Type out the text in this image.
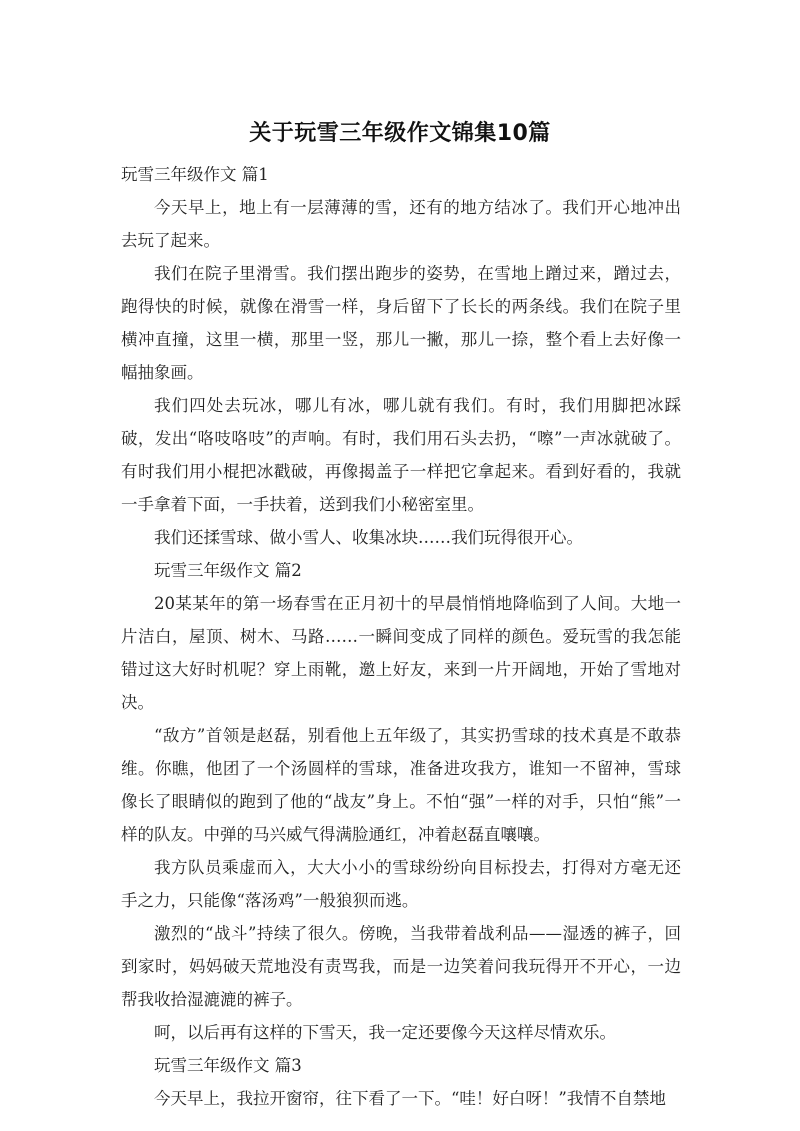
关于玩雪三年级作文锦集10篇

玩雪三年级作文 篇1

今天早上，地上有一层薄薄的雪，还有的地方结冰了。我们开心地冲出去玩了起来。

我们在院子里滑雪。我们摆出跑步的姿势，在雪地上蹭过来，蹭过去，跑得快的时候，就像在滑雪一样，身后留下了长长的两条线。我们在院子里横冲直撞，这里一横，那里一竖，那儿一撇，那儿一捺，整个看上去好像一幅抽象画。

我们四处去玩冰，哪儿有冰，哪儿就有我们。有时，我们用脚把冰踩破，发出“咯吱咯吱”的声响。有时，我们用石头去扔，“嚓”一声冰就破了。有时我们用小棍把冰戳破，再像揭盖子一样把它拿起来。看到好看的，我就一手拿着下面，一手扶着，送到我们小秘密室里。

我们还揉雪球、做小雪人、收集冰块……我们玩得很开心。

玩雪三年级作文 篇2

20某某年的第一场春雪在正月初十的早晨悄悄地降临到了人间。大地一片洁白，屋顶、树木、马路……一瞬间变成了同样的颜色。爱玩雪的我怎能错过这大好时机呢？穿上雨靴，邀上好友，来到一片开阔地，开始了雪地对决。

“敌方”首领是赵磊，别看他上五年级了，其实扔雪球的技术真是不敢恭维。你瞧，他团了一个汤圆样的雪球，准备进攻我方，谁知一不留神，雪球像长了眼睛似的跑到了他的“战友”身上。不怕“强”一样的对手，只怕“熊”一样的队友。中弹的马兴威气得满脸通红，冲着赵磊直嚷嚷。

我方队员乘虚而入，大大小小的雪球纷纷向目标投去，打得对方毫无还手之力，只能像“落汤鸡”一般狼狈而逃。

激烈的“战斗”持续了很久。傍晚，当我带着战利品——湿透的裤子，回到家时，妈妈破天荒地没有责骂我，而是一边笑着问我玩得开不开心，一边帮我收拾湿漉漉的裤子。

呵，以后再有这样的下雪天，我一定还要像今天这样尽情欢乐。

玩雪三年级作文 篇3

今天早上，我拉开窗帘，往下看了一下。“哇！好白呀！”我情不自禁地
